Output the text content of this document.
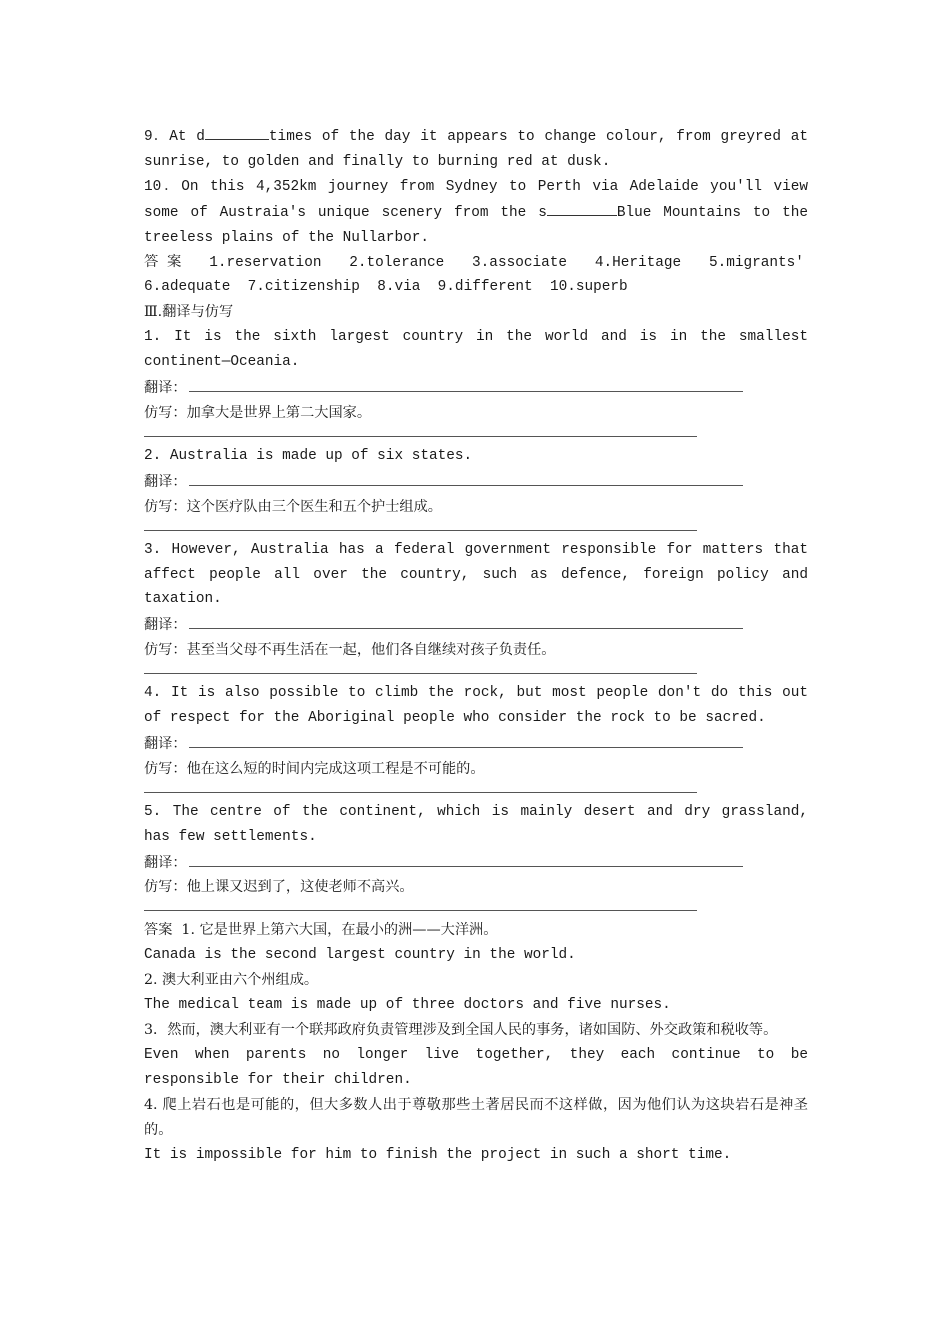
9．At d	times of the day it appears to change colour, from greyred at sunrise, to golden and finally to burning red at dusk.

10．On this 4,352km journey from Sydney to Perth via Adelaide you'll view some of Austraia's unique scenery from the s	Blue Mountains to the treeless plains of the Nullarbor.

答 案 1.reservation 2.tolerance 3.associate 4.Heritage 5.migrants'

6.adequate 7.citizenship 8.via 9.different 10.superb

Ⅲ.翻译与仿写

1. It is the sixth largest country in the world and is in the smallest continent—Oceania.

翻译：

仿写：加拿大是世界上第二大国家。

2. Australia is made up of six states.

翻译：

仿写：这个医疗队由三个医生和五个护士组成。

3. However, Australia has a federal government responsible for matters that affect people all over the country, such as defence, foreign policy and taxation.

翻译：

仿写：甚至当父母不再生活在一起，他们各自继续对孩子负责任。

4. It is also possible to climb the rock, but most people don't do this out of respect for the Aboriginal people who consider the rock to be sacred.

翻译：

仿写：他在这么短的时间内完成这项工程是不可能的。

5. The centre of the continent, which is mainly desert and dry grassland, has few settlements.

翻译：

仿写：他上课又迟到了，这使老师不高兴。

答案 1. 它是世界上第六大国，在最小的洲——大洋洲。

Canada is the second largest country in the world.

2. 澳大利亚由六个州组成。

The medical team is made up of three doctors and five nurses.

3．然而，澳大利亚有一个联邦政府负责管理涉及到全国人民的事务，诸如国防、外交政策和税收等。

Even when parents no longer live together, they each continue to be responsible for their children.

4. 爬上岩石也是可能的，但大多数人出于尊敬那些土著居民而不这样做，因为他们认为这块岩石是神圣的。

It is impossible for him to finish the project in such a short time.
